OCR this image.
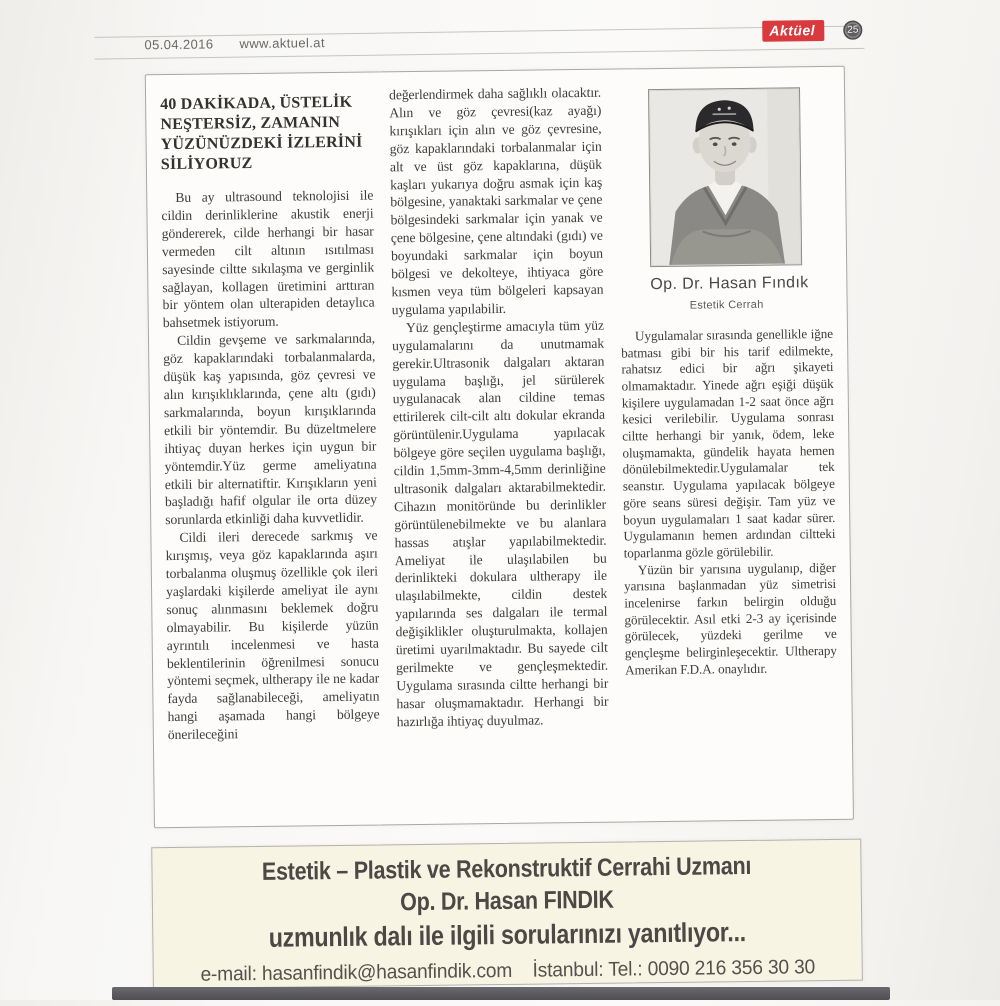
05.04.2016 www.aktuel.at
Aktüel	25
40 DAKİKADA, ÜSTELİK NEŞTERSİZ, ZAMANIN YÜZÜNÜZDEKİ İZLERİNİ SİLİYORUZ

Bu ay ultrasound teknolojisi ile cildin derinliklerine akustik enerji göndererek, cilde herhangi bir hasar vermeden cilt altının ısıtılması sayesinde ciltte sıkılaşma ve gerginlik sağlayan, kollagen üretimini arttıran bir yöntem olan ulterapiden detaylıca bahsetmek istiyorum.

Cildin gevşeme ve sarkmalarında, göz kapaklarındaki torbalanmalarda, düşük kaş yapısında, göz çevresi ve alın kırışıklıklarında, çene altı (gıdı) sarkmalarında, boyun kırışıklarında etkili bir yöntemdir. Bu düzeltmelere ihtiyaç duyan herkes için uygun bir yöntemdir.Yüz germe ameliyatına etkili bir alternatiftir. Kırışıkların yeni başladığı hafif olgular ile orta düzey sorunlarda etkinliği daha kuvvetlidir.

Cildi ileri derecede sarkmış ve kırışmış, veya göz kapaklarında aşırı torbalanma oluşmuş özellikle çok ileri yaşlardaki kişilerde ameliyat ile aynı sonuç alınmasını beklemek doğru olmayabilir. Bu kişilerde yüzün ayrıntılı incelenmesi ve hasta beklentilerinin öğrenilmesi sonucu yöntemi seçmek, ultherapy ile ne kadar fayda sağlanabileceği, ameliyatın hangi aşamada hangi bölgeye önerileceğini

değerlendirmek daha sağlıklı olacaktır. Alın ve göz çevresi(kaz ayağı) kırışıkları için alın ve göz çevresine, göz kapaklarındaki torbalanmalar için alt ve üst göz kapaklarına, düşük kaşları yukarıya doğru asmak için kaş bölgesine, yanaktaki sarkmalar ve çene bölgesindeki sarkmalar için yanak ve çene bölgesine, çene altındaki (gıdı) ve boyundaki sarkmalar için boyun bölgesi ve dekolteye, ihtiyaca göre kısmen veya tüm bölgeleri kapsayan uygulama yapılabilir.

Yüz gençleştirme amacıyla tüm yüz uygulamalarını da unutmamak gerekir.Ultrasonik dalgaları aktaran uygulama başlığı, jel sürülerek uygulanacak alan cildine temas ettirilerek cilt-cilt altı dokular ekranda görüntülenir.Uygulama yapılacak bölgeye göre seçilen uygulama başlığı, cildin 1,5mm-3mm-4,5mm derinliğine ultrasonik dalgaları aktarabilmektedir. Cihazın monitöründe bu derinlikler görüntülenebilmekte ve bu alanlara hassas atışlar yapılabilmektedir. Ameliyat ile ulaşılabilen bu derinlikteki dokulara ultherapy ile ulaşılabilmekte, cildin destek yapılarında ses dalgaları ile termal değişiklikler oluşturulmakta, kollajen üretimi uyarılmaktadır. Bu sayede cilt gerilmekte ve gençleşmektedir. Uygulama sırasında ciltte herhangi bir hasar oluşmamaktadır. Herhangi bir hazırlığa ihtiyaç duyulmaz.

Op. Dr. Hasan Fındık
Estetik Cerrah

Uygulamalar sırasında genellikle iğne batması gibi bir his tarif edilmekte, rahatsız edici bir ağrı şikayeti olmamaktadır. Yinede ağrı eşiği düşük kişilere uygulamadan 1-2 saat önce ağrı kesici verilebilir. Uygulama sonrası ciltte herhangi bir yanık, ödem, leke oluşmamakta, gündelik hayata hemen dönülebilmektedir.Uygulamalar tek seanstır. Uygulama yapılacak bölgeye göre seans süresi değişir. Tam yüz ve boyun uygulamaları 1 saat kadar sürer. Uygulamanın hemen ardından ciltteki toparlanma gözle görülebilir.

Yüzün bir yarısına uygulanıp, diğer yarısına başlanmadan yüz simetrisi incelenirse farkın belirgin olduğu görülecektir. Asıl etki 2-3 ay içerisinde görülecek, yüzdeki gerilme ve gençleşme belirginleşecektir. Ultherapy Amerikan F.D.A. onaylıdır.

Estetik – Plastik ve Rekonstruktif Cerrahi Uzmanı
Op. Dr. Hasan FINDIK
uzmunlık dalı ile ilgili sorularınızı yanıtlıyor...
e-mail: hasanfindik@hasanfindik.com İstanbul: Tel.: 0090 216 356 30 30
